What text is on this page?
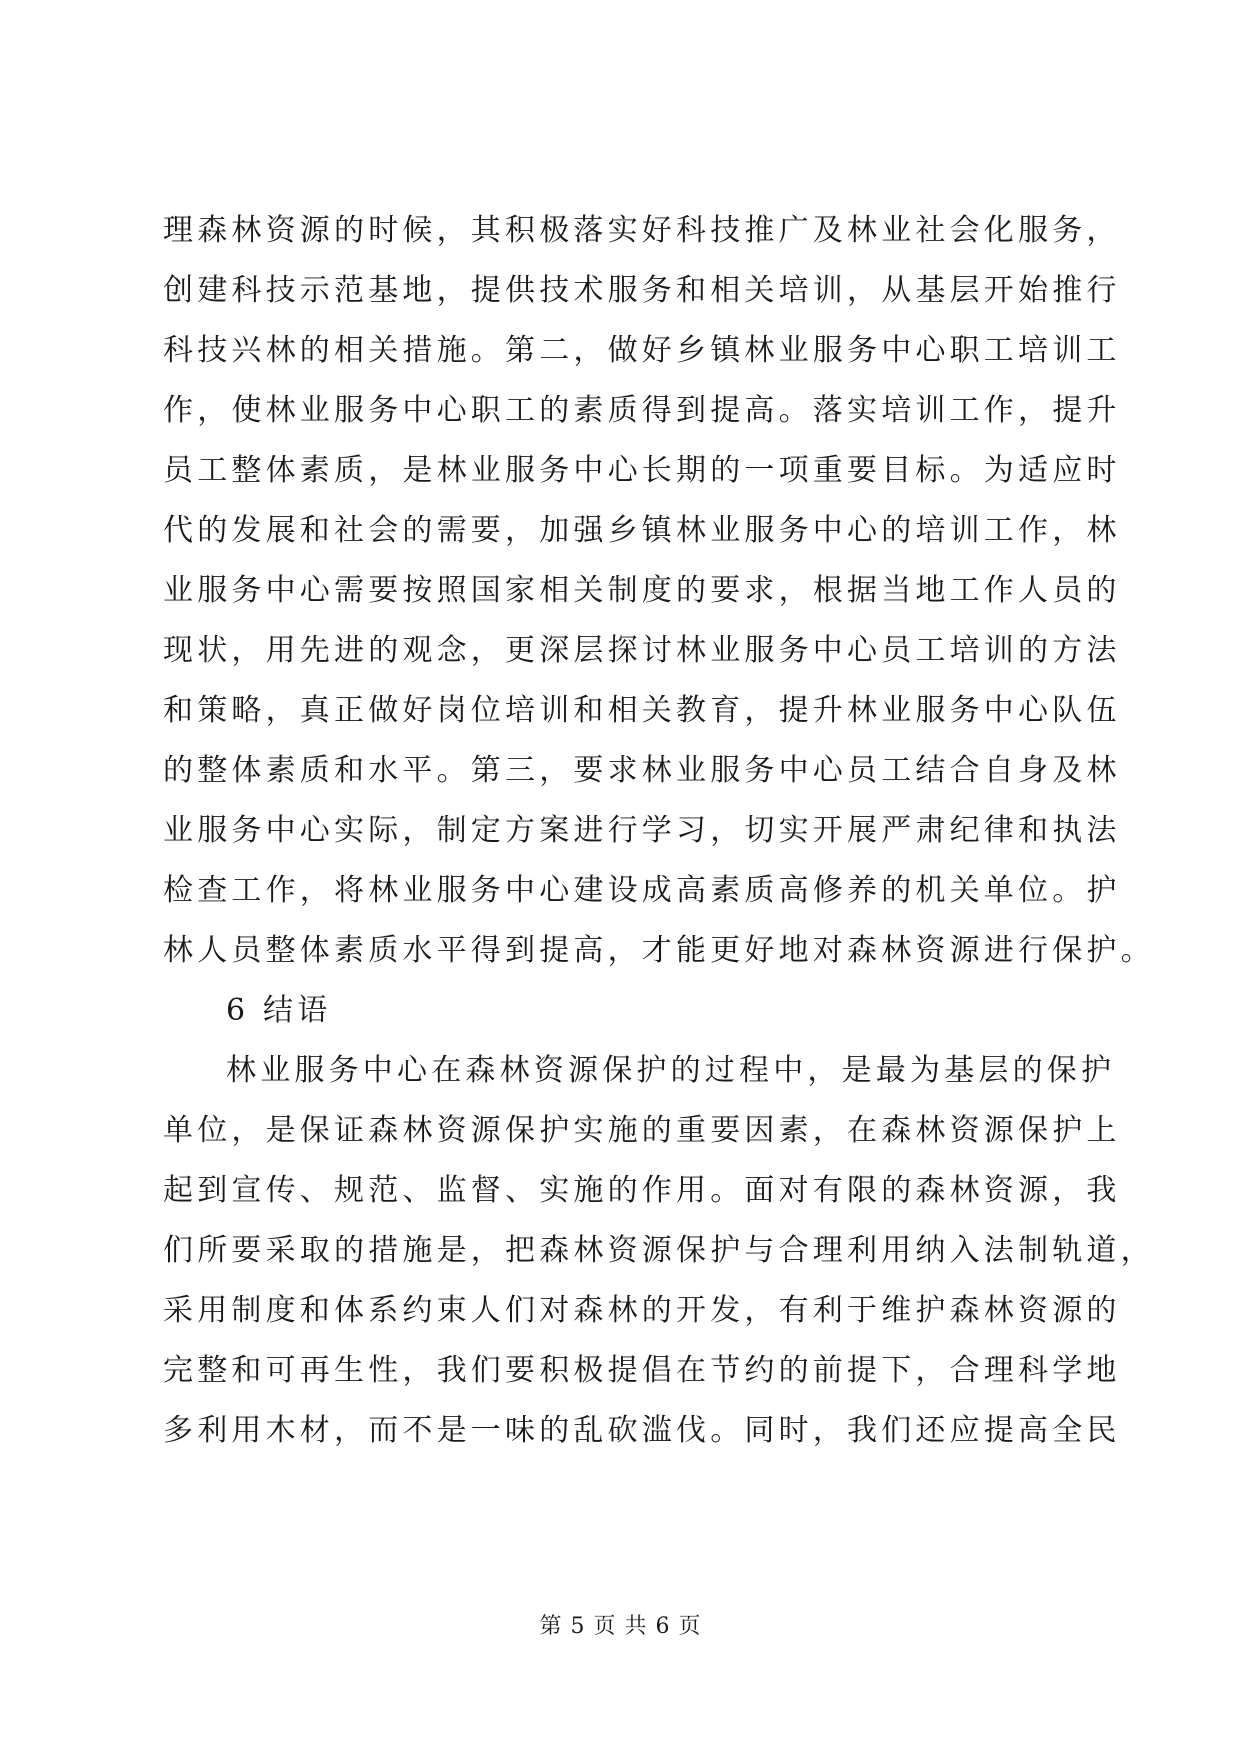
理森林资源的时候，其积极落实好科技推广及林业社会化服务，
创建科技示范基地，提供技术服务和相关培训，从基层开始推行
科技兴林的相关措施。第二，做好乡镇林业服务中心职工培训工
作，使林业服务中心职工的素质得到提高。落实培训工作，提升
员工整体素质，是林业服务中心长期的一项重要目标。为适应时
代的发展和社会的需要，加强乡镇林业服务中心的培训工作，林
业服务中心需要按照国家相关制度的要求，根据当地工作人员的
现状，用先进的观念，更深层探讨林业服务中心员工培训的方法
和策略，真正做好岗位培训和相关教育，提升林业服务中心队伍
的整体素质和水平。第三，要求林业服务中心员工结合自身及林
业服务中心实际，制定方案进行学习，切实开展严肃纪律和执法
检查工作，将林业服务中心建设成高素质高修养的机关单位。护
林人员整体素质水平得到提高，才能更好地对森林资源进行保护。
6 结语
林业服务中心在森林资源保护的过程中，是最为基层的保护
单位，是保证森林资源保护实施的重要因素，在森林资源保护上
起到宣传、规范、监督、实施的作用。面对有限的森林资源，我
们所要采取的措施是，把森林资源保护与合理利用纳入法制轨道，
采用制度和体系约束人们对森林的开发，有利于维护森林资源的
完整和可再生性，我们要积极提倡在节约的前提下，合理科学地
多利用木材，而不是一味的乱砍滥伐。同时，我们还应提高全民
第 5 页 共 6 页
